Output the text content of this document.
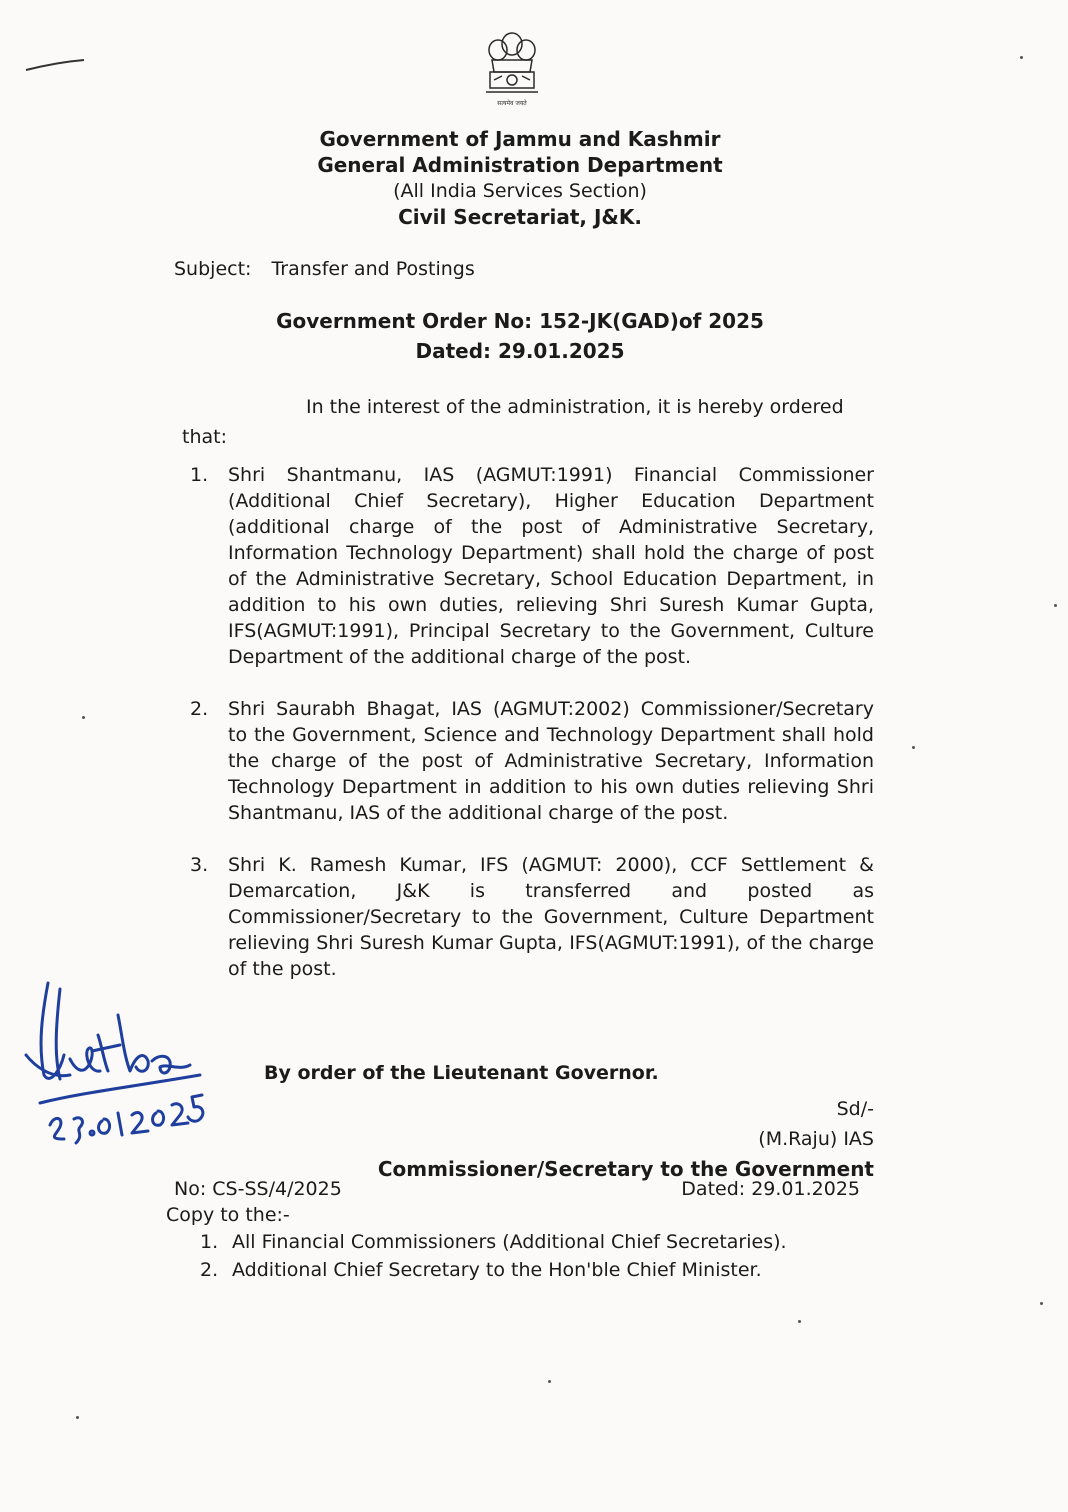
सत्यमेव जयते
Government of Jammu and Kashmir
General Administration Department
(All India Services Section)
Civil Secretariat, J&K.
Subject: Transfer and Postings
Government Order No: 152-JK(GAD)of 2025
Dated: 29.01.2025
In the interest of the administration, it is hereby ordered
that:
1.	Shri Shantmanu, IAS (AGMUT:1991) Financial Commissioner (Additional Chief Secretary), Higher Education Department (additional charge of the post of Administrative Secretary, Information Technology Department) shall hold the charge of post of the Administrative Secretary, School Education Department, in addition to his own duties, relieving Shri Suresh Kumar Gupta, IFS(AGMUT:1991), Principal Secretary to the Government, Culture Department of the additional charge of the post.
2.	Shri Saurabh Bhagat, IAS (AGMUT:2002) Commissioner/Secretary to the Government, Science and Technology Department shall hold the charge of the post of Administrative Secretary, Information Technology Department in addition to his own duties relieving Shri Shantmanu, IAS of the additional charge of the post.
3.	Shri K. Ramesh Kumar, IFS (AGMUT: 2000), CCF Settlement & Demarcation, J&K is transferred and posted as Commissioner/Secretary to the Government, Culture Department relieving Shri Suresh Kumar Gupta, IFS(AGMUT:1991), of the charge of the post.
By order of the Lieutenant Governor.
Sd/-
(M.Raju) IAS
Commissioner/Secretary to the Government
No: CS-SS/4/2025	Dated: 29.01.2025
Copy to the:-
1. All Financial Commissioners (Additional Chief Secretaries).
2. Additional Chief Secretary to the Hon'ble Chief Minister.
